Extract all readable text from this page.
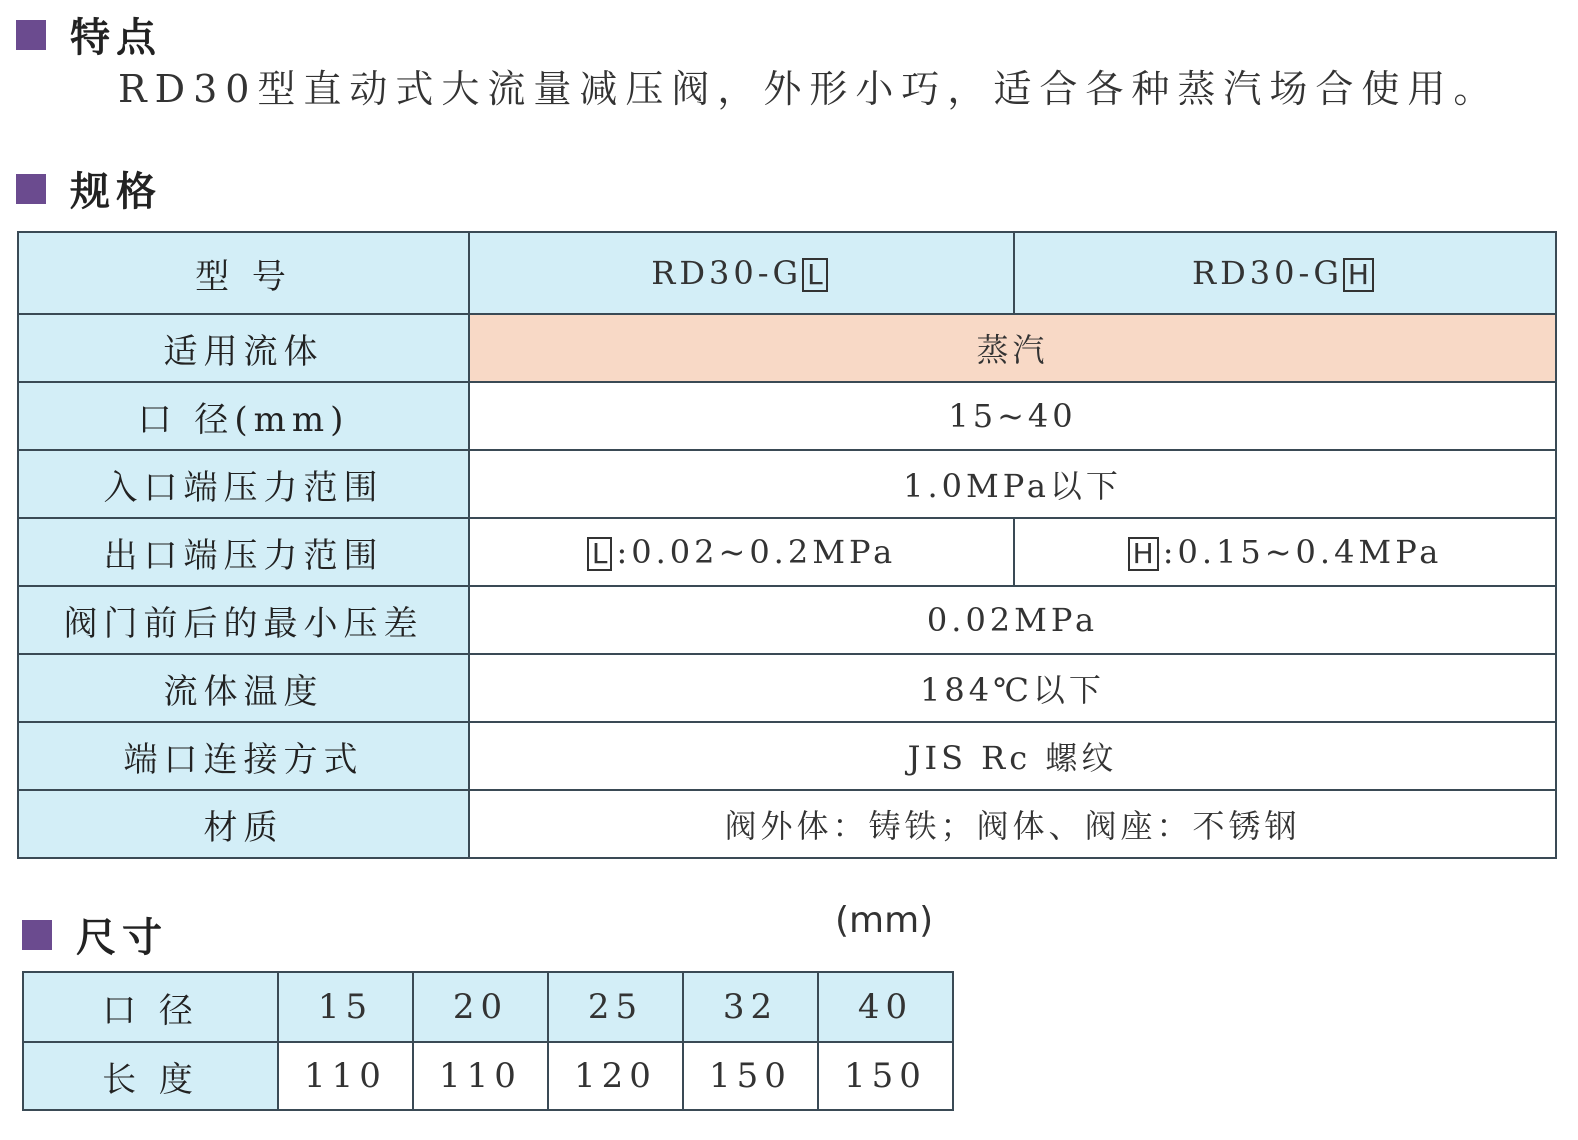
特点
RD30型直动式大流量减压阀，外形小巧，适合各种蒸汽场合使用。
规格
型 号	RD30-G L	RD30-G H
适用流体	蒸汽	
口 径(mm)	15~40	
入口端压力范围	1.0MPa以下	
出口端压力范围	L :0.02~0.2MPa	H :0.15~0.4MPa
阀门前后的最小压差	0.02MPa	
流体温度	184℃以下	
端口连接方式	JIS Rc 螺纹	
材质	阀外体：铸铁；阀体、阀座：不锈钢	
尺寸	(mm)
口 径	15	20	25	32	40
长 度	110	110	120	150	150
